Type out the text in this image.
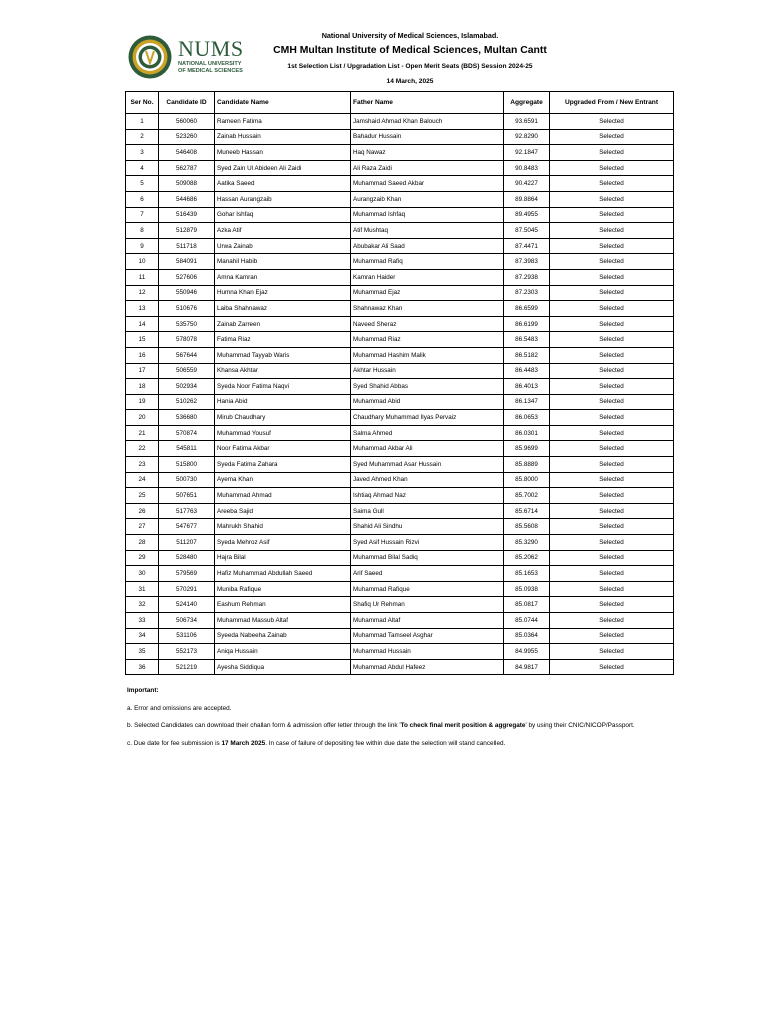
NUMS
NATIONAL UNIVERSITY
OF MEDICAL SCIENCES
National University of Medical Sciences, Islamabad.
CMH Multan Institute of Medical Sciences, Multan Cantt
1st Selection List / Upgradation List - Open Merit Seats (BDS) Session 2024-25
14 March, 2025
Ser No.	Candidate ID	Candidate Name	Father Name	Aggregate	Upgraded From / New Entrant
1	560060	Rameen Fatima	Jamshaid Ahmad Khan Balouch	93.6591	Selected
2	523260	Zainab Hussain	Bahadur Hussain	92.8290	Selected
3	546408	Muneeb Hassan	Haq Nawaz	92.1847	Selected
4	562787	Syed Zain Ul Abideen Ali Zaidi	Ali Raza Zaidi	90.8483	Selected
5	509088	Aatika Saeed	Muhammad Saeed Akbar	90.4227	Selected
6	544686	Hassan Aurangzaib	Aurangzaib Khan	89.8864	Selected
7	516439	Gohar Ishfaq	Muhammad Ishfaq	89.4955	Selected
8	512879	Azka Atif	Atif Mushtaq	87.5045	Selected
9	511718	Urwa Zainab	Abubakar Ali Saad	87.4471	Selected
10	584091	Manahil Habib	Muhammad Rafiq	87.3983	Selected
11	527606	Amna Kamran	Kamran Haider	87.2938	Selected
12	550946	Humna Khan Ejaz	Muhammad Ejaz	87.2303	Selected
13	510676	Laiba Shahnawaz	Shahnawaz Khan	86.6599	Selected
14	535750	Zainab Zarreen	Naveed Sheraz	86.6199	Selected
15	578078	Fatima Riaz	Muhammad Riaz	86.5483	Selected
16	567644	Muhammad Tayyab Waris	Muhammad Hashim Malik	86.5182	Selected
17	506559	Khansa Akhtar	Akhtar Hussain	86.4483	Selected
18	502934	Syeda Noor Fatima Naqvi	Syed Shahid Abbas	86.4013	Selected
19	510262	Hania Abid	Muhammad Abid	86.1347	Selected
20	536680	Mirub Chaudhary	Chaudhary Muhammad Ilyas Pervaiz	86.0653	Selected
21	570874	Muhammad Yousuf	Salma Ahmed	86.0301	Selected
22	545811	Noor Fatima Akbar	Muhammad Akbar Ali	85.9699	Selected
23	515800	Syeda Fatima Zahara	Syed Muhammad Asar Hussain	85.8889	Selected
24	500730	Ayema Khan	Javed Ahmed Khan	85.8000	Selected
25	507651	Muhammad Ahmad	Ishtiaq Ahmad Naz	85.7002	Selected
26	517763	Areeba Sajid	Saima Gull	85.6714	Selected
27	547677	Mahrukh Shahid	Shahid Ali Sindhu	85.5608	Selected
28	511207	Syeda Mehroz Asif	Syed Asif Hussain Rizvi	85.3290	Selected
29	528480	Hajra Bilal	Muhammad Bilal Sadiq	85.2062	Selected
30	579569	Hafiz Muhammad Abdullah Saeed	Arif Saeed	85.1653	Selected
31	570291	Muniba Rafique	Muhammad Rafique	85.0938	Selected
32	524140	Eashum Rehman	Shafiq Ur Rehman	85.0817	Selected
33	506734	Muhammad Massub Altaf	Muhammad Altaf	85.0744	Selected
34	531106	Syeeda Nabeeha Zainab	Muhammad Tamseel Asghar	85.0364	Selected
35	552173	Aniqa Hussain	Muhammad Hussain	84.9955	Selected
36	521219	Ayesha Siddiqua	Muhammad Abdul Hafeez	84.9817	Selected

Important:

a. Error and omissions are accepted.

b. Selected Candidates can download their challan form & admission offer letter through the link 'To check final merit position & aggregate' by using their CNIC/NICOP/Passport.

c. Due date for fee submission is 17 March 2025. In case of failure of depositing fee within due date the selection will stand cancelled.
